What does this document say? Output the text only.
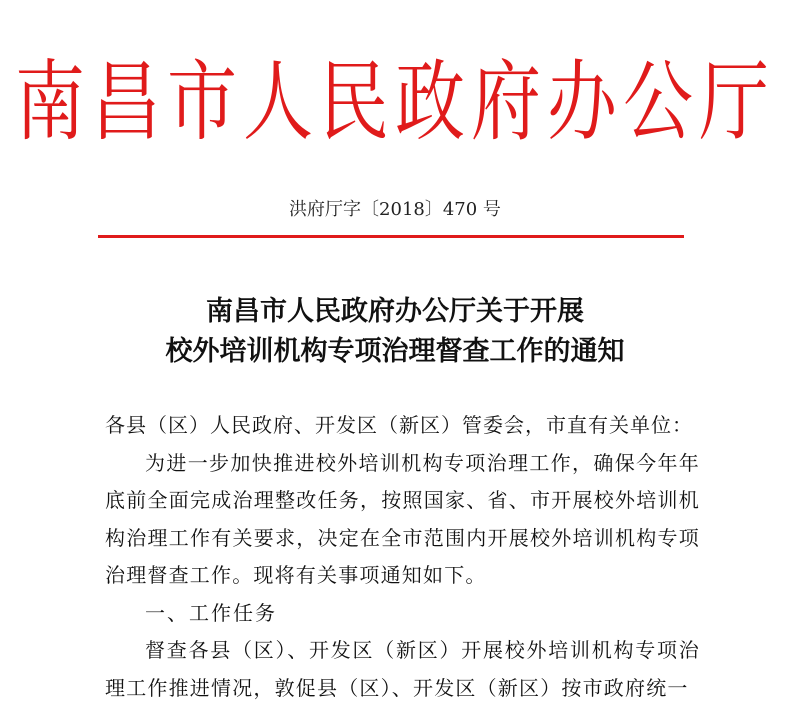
南昌市人民政府办公厅
洪府厅字〔2018〕470 号
南昌市人民政府办公厅关于开展
校外培训机构专项治理督查工作的通知

各县（区）人民政府、开发区（新区）管委会，市直有关单位：

为进一步加快推进校外培训机构专项治理工作，确保今年年底前全面完成治理整改任务，按照国家、省、市开展校外培训机构治理工作有关要求，决定在全市范围内开展校外培训机构专项治理督查工作。现将有关事项通知如下。

一、工作任务

督查各县（区）、开发区（新区）开展校外培训机构专项治理工作推进情况，敦促县（区）、开发区（新区）按市政府统一
